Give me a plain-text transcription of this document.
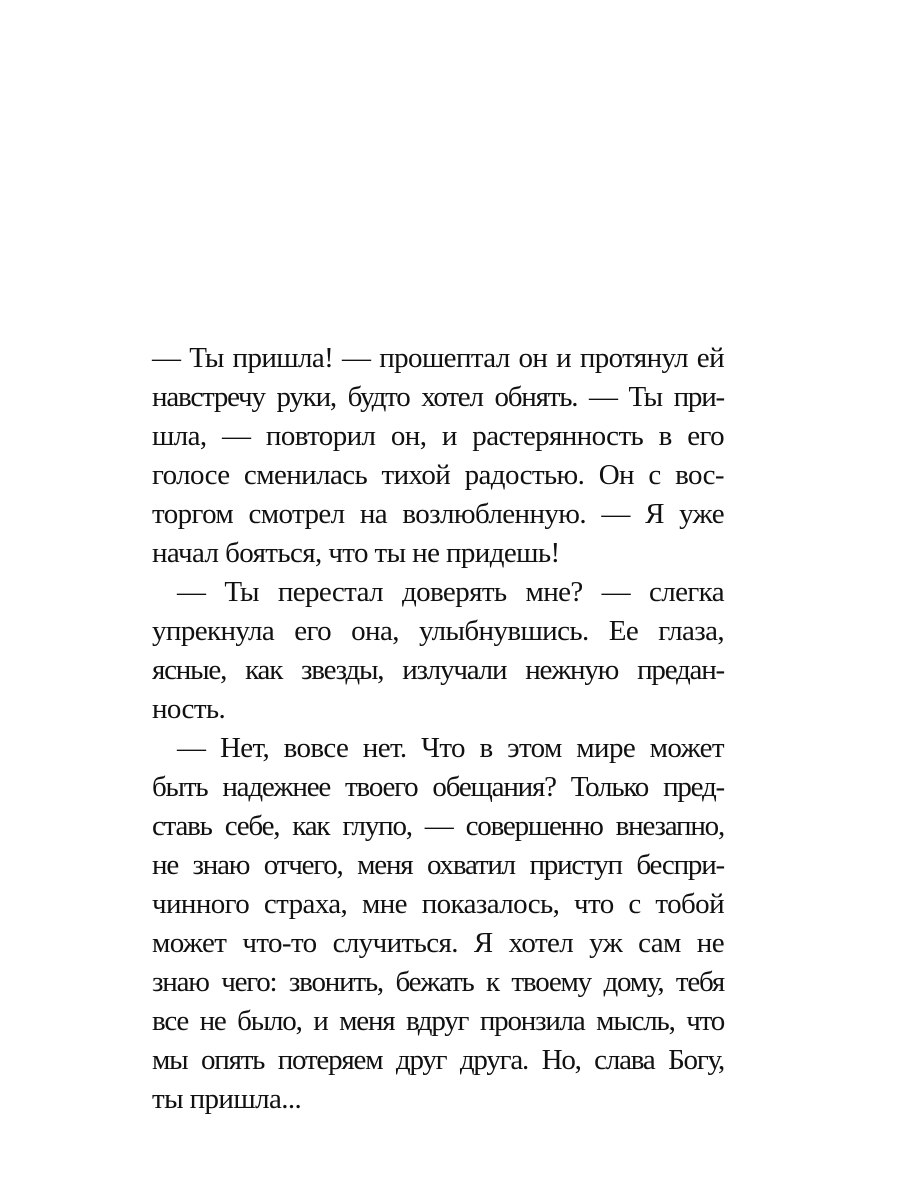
— Ты пришла! — прошептал он и протянул ей
навстречу руки, будто хотел обнять. — Ты при-
шла, — повторил он, и растерянность в его
голосе сменилась тихой радостью. Он с вос-
торгом смотрел на возлюбленную. — Я уже
начал бояться, что ты не придешь!
— Ты перестал доверять мне? — слегка
упрекнула его она, улыбнувшись. Ее глаза,
ясные, как звезды, излучали нежную предан-
ность.
— Нет, вовсе нет. Что в этом мире может
быть надежнее твоего обещания? Только пред-
ставь себе, как глупо, — совершенно внезапно,
не знаю отчего, меня охватил приступ беспри-
чинного страха, мне показалось, что с тобой
может что-то случиться. Я хотел уж сам не
знаю чего: звонить, бежать к твоему дому, тебя
все не было, и меня вдруг пронзила мысль, что
мы опять потеряем друг друга. Но, слава Богу,
ты пришла...
